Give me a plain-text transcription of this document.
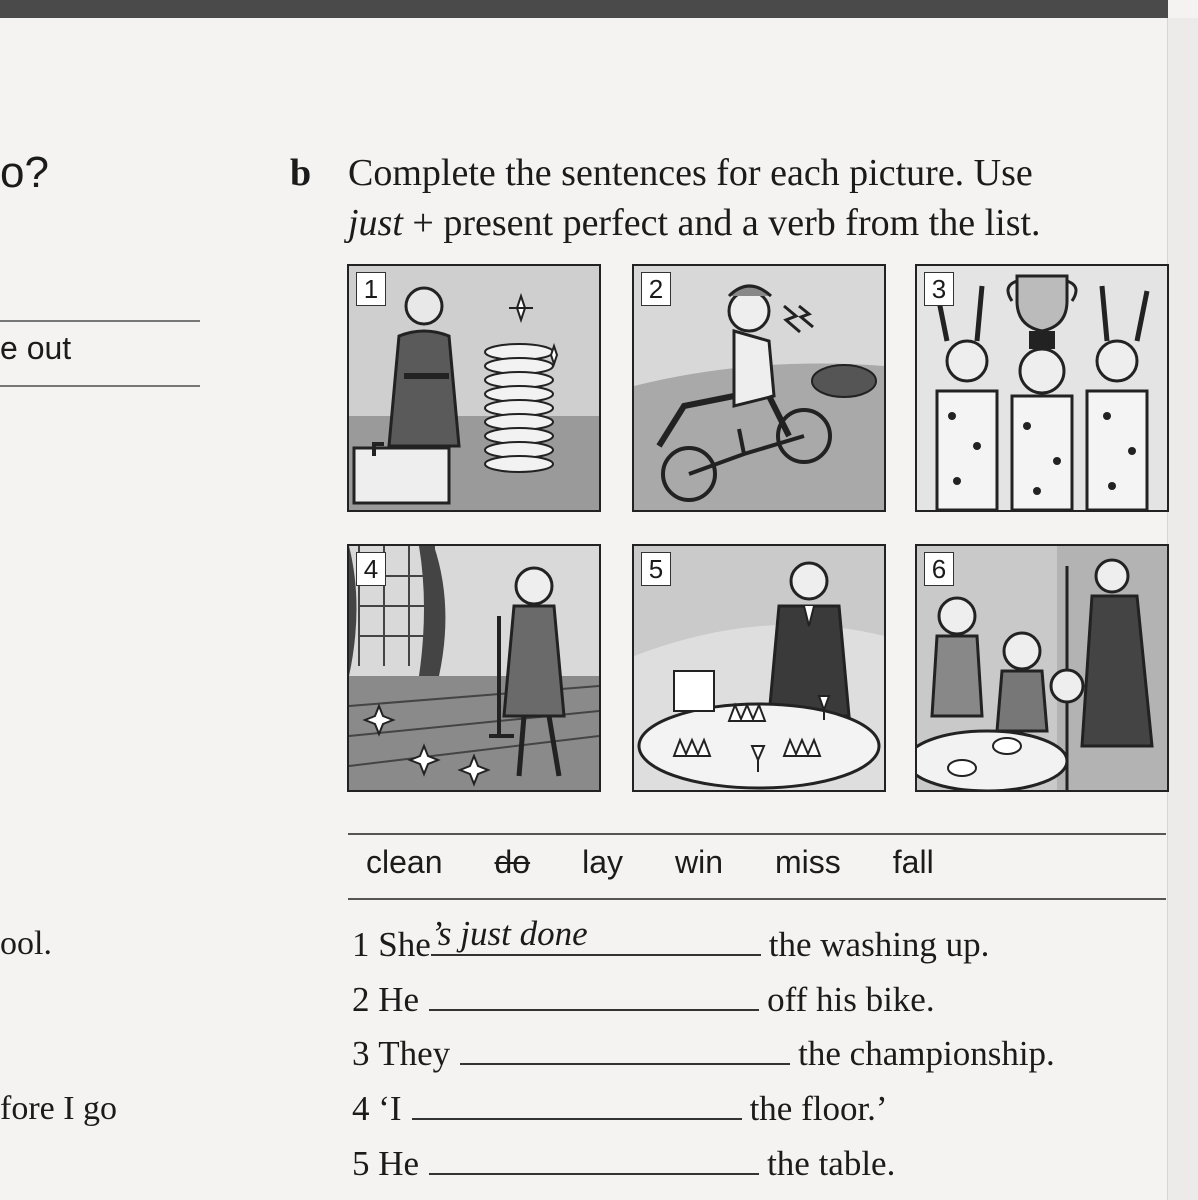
o?
e out
ool.
fore I go
b Complete the sentences for each picture. Use
just + present perfect and a verb from the list.
1	2	3
4	5	6
clean do lay win miss fall
1
She ’s just done	the washing up.
2
He	off his bike.
3
They	the championship.
4
‘I	the floor.’
5
He	the table.
